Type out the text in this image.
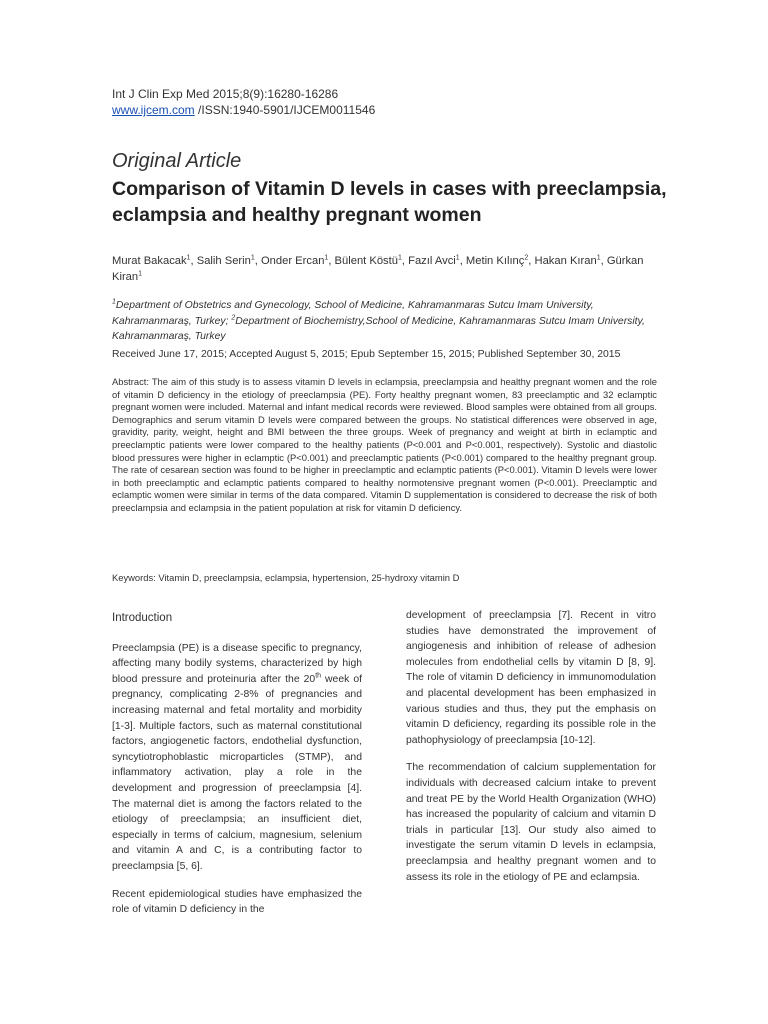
Int J Clin Exp Med 2015;8(9):16280-16286
www.ijcem.com /ISSN:1940-5901/IJCEM0011546
Original Article
Comparison of Vitamin D levels in cases with preeclampsia, eclampsia and healthy pregnant women
Murat Bakacak$^1$, Salih Serin$^1$, Onder Ercan$^1$, Bülent Köstü$^1$, Fazıl Avci$^1$, Metin Kılınç$^2$, Hakan Kıran$^1$, Gürkan Kiran$^1$
$^1$Department of Obstetrics and Gynecology, School of Medicine, Kahramanmaras Sutcu Imam University, Kahramanmaraş, Turkey; $^2$Department of Biochemistry,School of Medicine, Kahramanmaras Sutcu Imam University, Kahramanmaraş, Turkey
Received June 17, 2015; Accepted August 5, 2015; Epub September 15, 2015; Published September 30, 2015
Abstract: The aim of this study is to assess vitamin D levels in eclampsia, preeclampsia and healthy pregnant women and the role of vitamin D deficiency in the etiology of preeclampsia (PE). Forty healthy pregnant women, 83 preeclamptic and 32 eclamptic pregnant women were included. Maternal and infant medical records were reviewed. Blood samples were obtained from all groups. Demographics and serum vitamin D levels were compared between the groups. No statistical differences were observed in age, gravidity, parity, weight, height and BMI between the three groups. Week of pregnancy and weight at birth in eclamptic and preeclamptic patients were lower compared to the healthy patients (P<0.001 and P<0.001, respectively). Systolic and diastolic blood pressures were higher in eclamptic (P<0.001) and preeclamptic patients (P<0.001) compared to the healthy pregnant group. The rate of cesarean section was found to be higher in preeclamptic and eclamptic patients (P<0.001). Vitamin D levels were lower in both preeclamptic and eclamptic patients compared to healthy normotensive pregnant women (P<0.001). Preeclamptic and eclamptic women were similar in terms of the data compared. Vitamin D supplementation is considered to decrease the risk of both preeclampsia and eclampsia in the patient population at risk for vitamin D deficiency.
Keywords: Vitamin D, preeclampsia, eclampsia, hypertension, 25-hydroxy vitamin D
Introduction

Preeclampsia (PE) is a disease specific to pregnancy, affecting many bodily systems, characterized by high blood pressure and proteinuria after the 20th week of pregnancy, complicating 2-8% of pregnancies and increasing maternal and fetal mortality and morbidity [1-3]. Multiple factors, such as maternal constitutional factors, angiogenetic factors, endothelial dysfunction, syncytiotrophoblastic microparticles (STMP), and inflammatory activation, play a role in the development and progression of preeclampsia [4]. The maternal diet is among the factors related to the etiology of preeclampsia; an insufficient diet, especially in terms of calcium, magnesium, selenium and vitamin A and C, is a contributing factor to preeclampsia [5, 6].

Recent epidemiological studies have emphasized the role of vitamin D deficiency in the

development of preeclampsia [7]. Recent in vitro studies have demonstrated the improvement of angiogenesis and inhibition of release of adhesion molecules from endothelial cells by vitamin D [8, 9]. The role of vitamin D deficiency in immunomodulation and placental development has been emphasized in various studies and thus, they put the emphasis on vitamin D deficiency, regarding its possible role in the pathophysiology of preeclampsia [10-12].

The recommendation of calcium supplementation for individuals with decreased calcium intake to prevent and treat PE by the World Health Organization (WHO) has increased the popularity of calcium and vitamin D trials in particular [13]. Our study also aimed to investigate the serum vitamin D levels in eclampsia, preeclampsia and healthy pregnant women and to assess its role in the etiology of PE and eclampsia.
